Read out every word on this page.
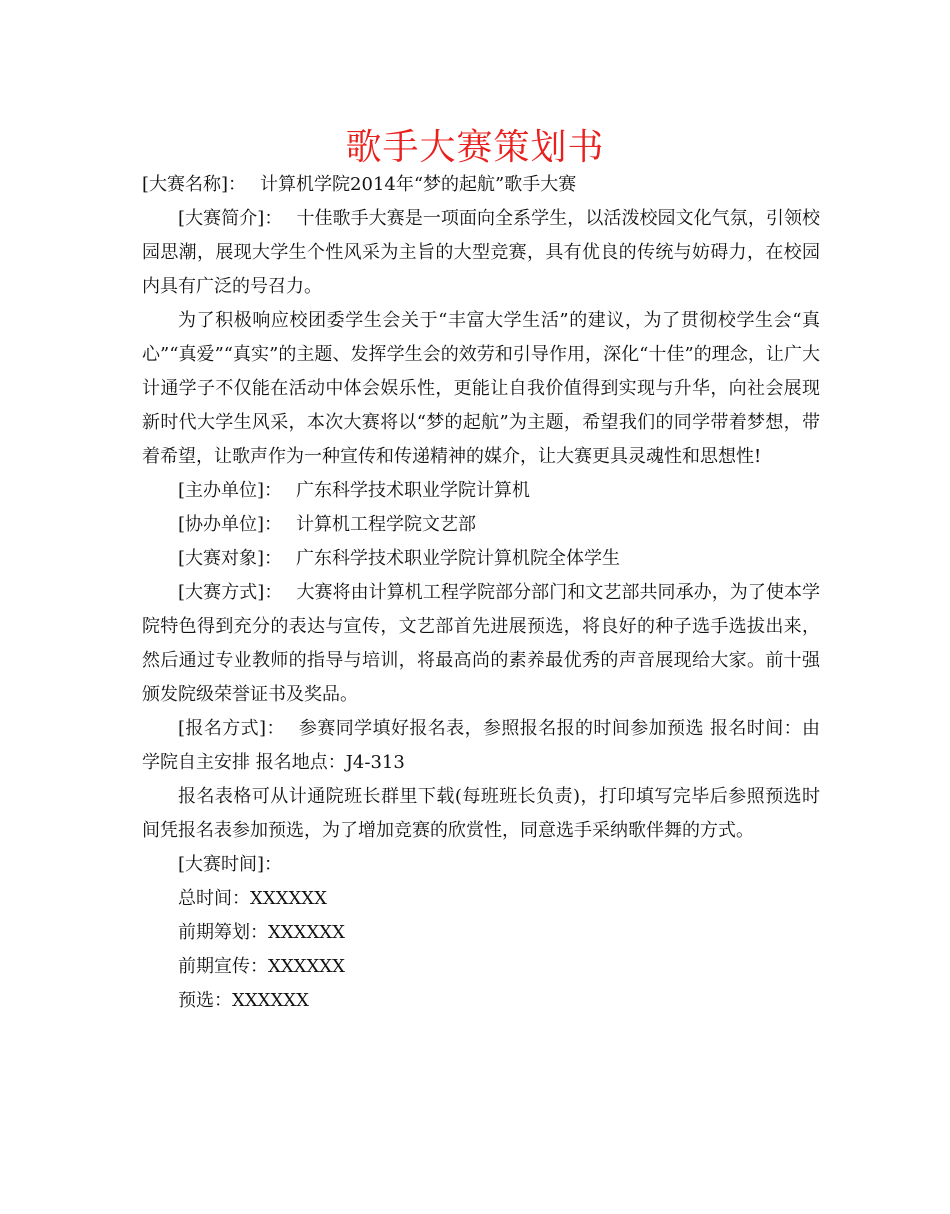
歌手大赛策划书

[大赛名称]： 计算机学院2014年“梦的起航”歌手大赛

[大赛简介]： 十佳歌手大赛是一项面向全系学生，以活泼校园文化气氛，引领校园思潮，展现大学生个性风采为主旨的大型竞赛，具有优良的传统与妨碍力，在校园内具有广泛的号召力。

为了积极响应校团委学生会关于“丰富大学生活”的建议，为了贯彻校学生会“真心”“真爱”“真实”的主题、发挥学生会的效劳和引导作用，深化“十佳”的理念，让广大计通学子不仅能在活动中体会娱乐性，更能让自我价值得到实现与升华，向社会展现新时代大学生风采，本次大赛将以“梦的起航”为主题，希望我们的同学带着梦想，带着希望，让歌声作为一种宣传和传递精神的媒介，让大赛更具灵魂性和思想性!

[主办单位]： 广东科学技术职业学院计算机

[协办单位]： 计算机工程学院文艺部

[大赛对象]： 广东科学技术职业学院计算机院全体学生

[大赛方式]： 大赛将由计算机工程学院部分部门和文艺部共同承办，为了使本学院特色得到充分的表达与宣传，文艺部首先进展预选，将良好的种子选手选拔出来，然后通过专业教师的指导与培训，将最高尚的素养最优秀的声音展现给大家。前十强颁发院级荣誉证书及奖品。

[报名方式]： 参赛同学填好报名表，参照报名报的时间参加预选 报名时间：由学院自主安排 报名地点：J4-313

报名表格可从计通院班长群里下载(每班班长负责)，打印填写完毕后参照预选时间凭报名表参加预选，为了增加竞赛的欣赏性，同意选手采纳歌伴舞的方式。

[大赛时间]：

总时间：XXXXXX

前期筹划：XXXXXX

前期宣传：XXXXXX

预选：XXXXXX
